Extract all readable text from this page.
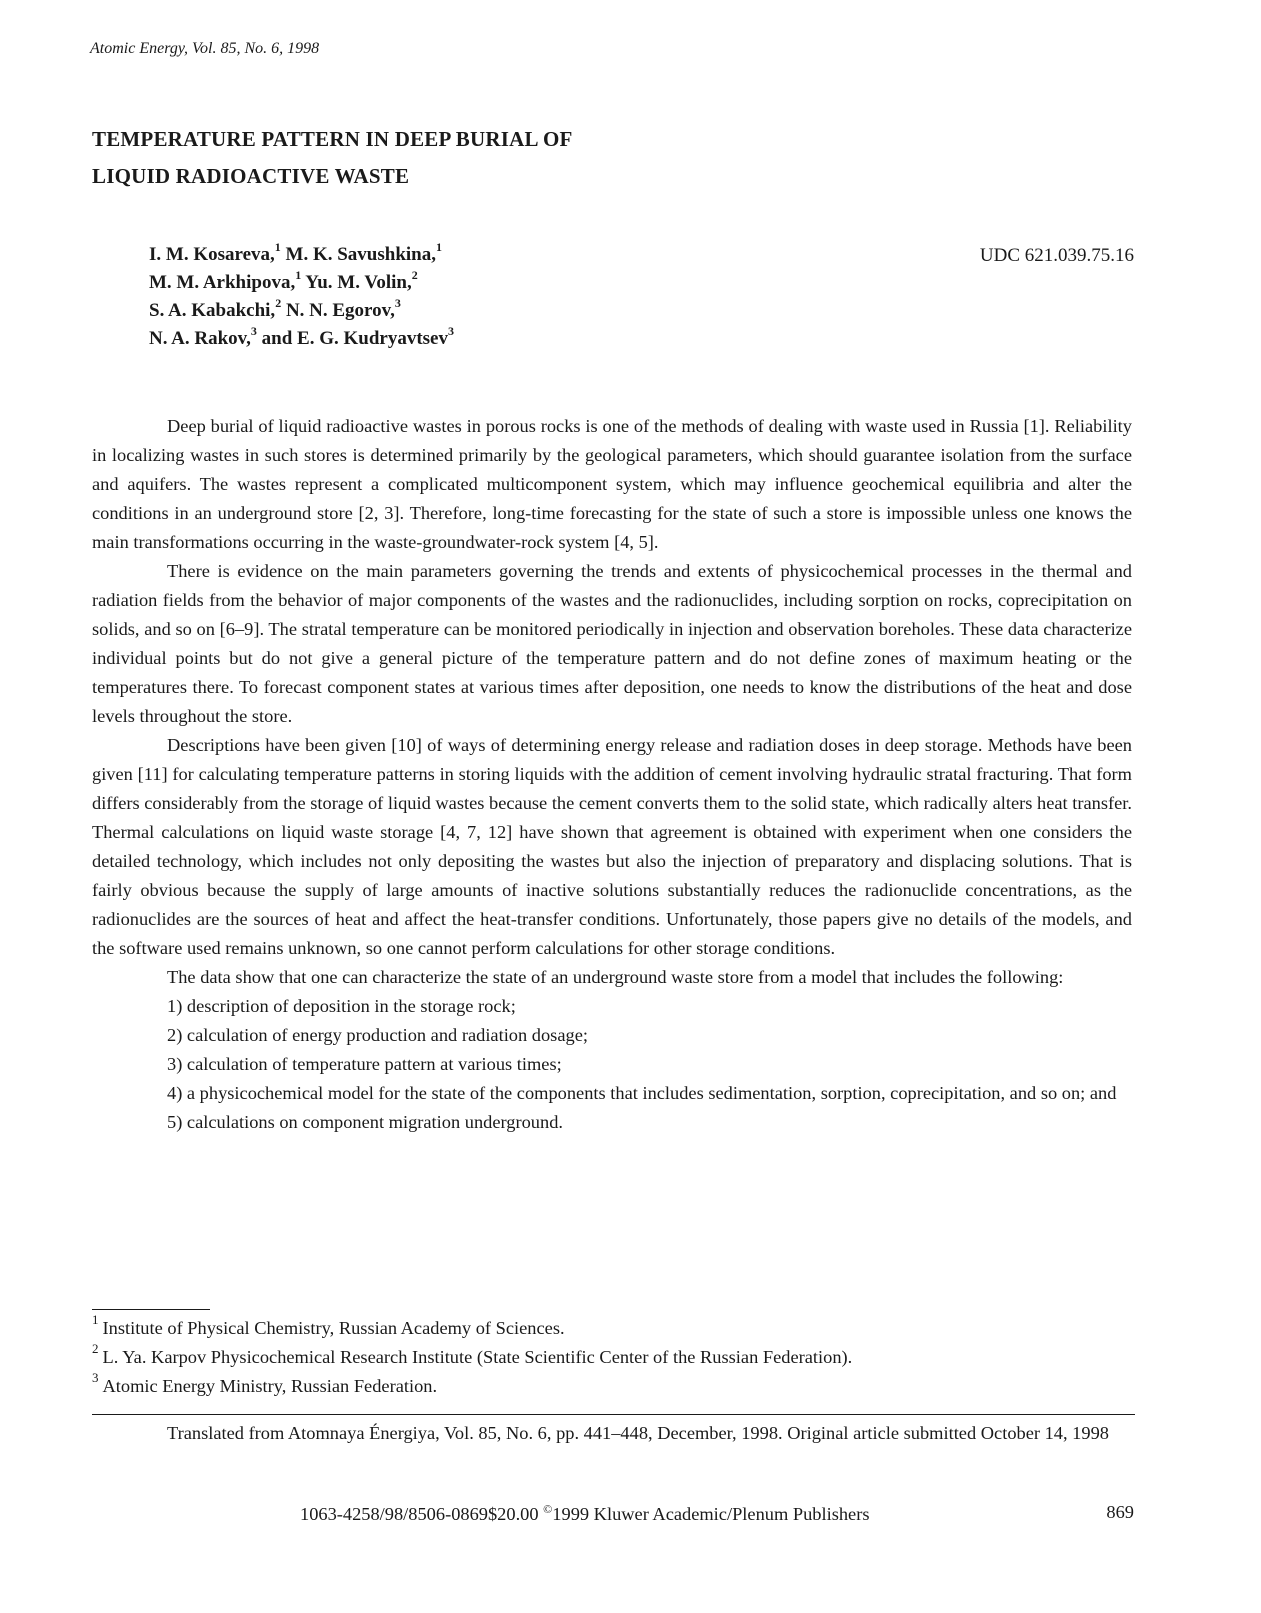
Atomic Energy, Vol. 85, No. 6, 1998
TEMPERATURE PATTERN IN DEEP BURIAL OF
LIQUID RADIOACTIVE WASTE
I. M. Kosareva,$^1$ M. K. Savushkina,$^1$
M. M. Arkhipova,$^1$ Yu. M. Volin,$^2$
S. A. Kabakchi,$^2$ N. N. Egorov,$^3$
N. A. Rakov,$^3$ and E. G. Kudryavtsev$^3$
UDC 621.039.75.16

Deep burial of liquid radioactive wastes in porous rocks is one of the methods of dealing with waste used in Russia [1]. Reliability in localizing wastes in such stores is determined primarily by the geological parameters, which should guarantee isolation from the surface and aquifers. The wastes represent a complicated multicomponent system, which may influence geochemical equilibria and alter the conditions in an underground store [2, 3]. Therefore, long-time forecasting for the state of such a store is impossible unless one knows the main transformations occurring in the waste-groundwater-rock system [4, 5].

There is evidence on the main parameters governing the trends and extents of physicochemical processes in the thermal and radiation fields from the behavior of major components of the wastes and the radionuclides, including sorption on rocks, coprecipitation on solids, and so on [6–9]. The stratal temperature can be monitored periodically in injection and observation boreholes. These data characterize individual points but do not give a general picture of the temperature pattern and do not define zones of maximum heating or the temperatures there. To forecast component states at various times after deposition, one needs to know the distributions of the heat and dose levels throughout the store.

Descriptions have been given [10] of ways of determining energy release and radiation doses in deep storage. Methods have been given [11] for calculating temperature patterns in storing liquids with the addition of cement involving hydraulic stratal fracturing. That form differs considerably from the storage of liquid wastes because the cement converts them to the solid state, which radically alters heat transfer. Thermal calculations on liquid waste storage [4, 7, 12] have shown that agreement is obtained with experiment when one considers the detailed technology, which includes not only depositing the wastes but also the injection of preparatory and displacing solutions. That is fairly obvious because the supply of large amounts of inactive solutions substantially reduces the radionuclide concentrations, as the radionuclides are the sources of heat and affect the heat-transfer conditions. Unfortunately, those papers give no details of the models, and the software used remains unknown, so one cannot perform calculations for other storage conditions.

The data show that one can characterize the state of an underground waste store from a model that includes the following:

1) description of deposition in the storage rock;
2) calculation of energy production and radiation dosage;
3) calculation of temperature pattern at various times;
4) a physicochemical model for the state of the components that includes sedimentation, sorption, coprecipitation, and so on; and
5) calculations on component migration underground.
$^1$ Institute of Physical Chemistry, Russian Academy of Sciences.
$^2$ L. Ya. Karpov Physicochemical Research Institute (State Scientific Center of the Russian Federation).
$^3$ Atomic Energy Ministry, Russian Federation.
Translated from Atomnaya Énergiya, Vol. 85, No. 6, pp. 441–448, December, 1998. Original article submitted October 14, 1998
1063-4258/98/8506-0869$20.00 ©1999 Kluwer Academic/Plenum Publishers	869
